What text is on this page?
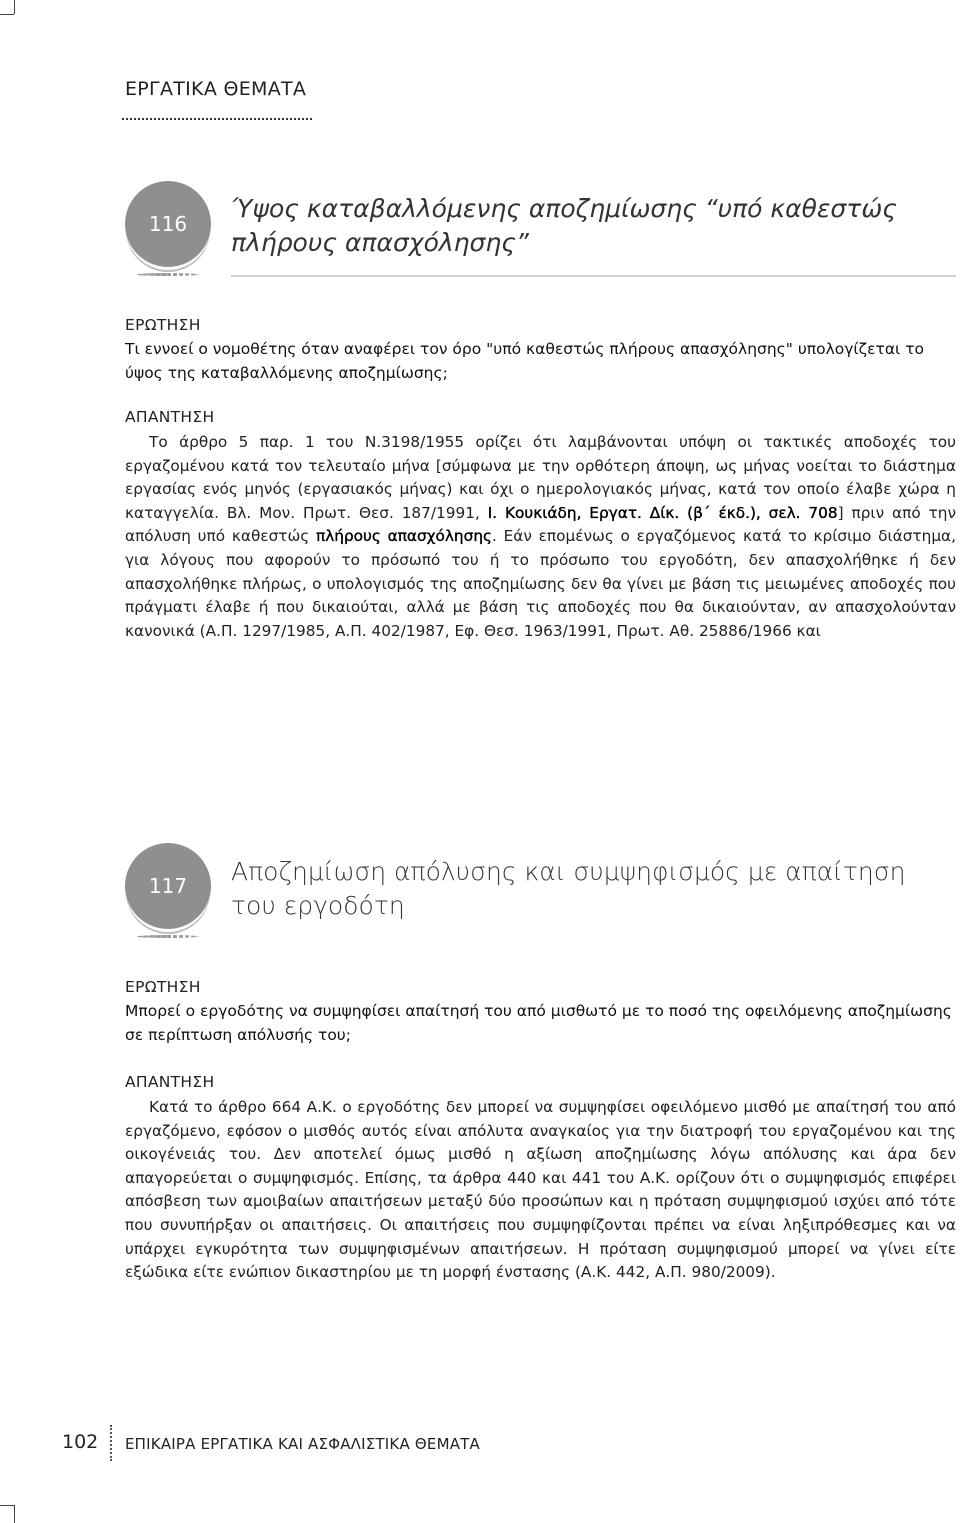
ΕΡΓΑΤΙΚΑ ΘΕΜΑΤΑ
116
Ύψος καταβαλλόμενης αποζημίωσης “υπό καθεστώς πλήρους απασχόλησης”
ΕΡΩΤΗΣΗ
Τι εννοεί ο νομοθέτης όταν αναφέρει τον όρο "υπό καθεστώς πλήρους απασχόλησης" υπολογίζεται το ύψος της καταβαλλόμενης αποζημίωσης;
ΑΠΑΝΤΗΣΗ

Το άρθρο 5 παρ. 1 του Ν.3198/1955 ορίζει ότι λαμβάνονται υπόψη οι τακτικές αποδοχές του εργαζομένου κατά τον τελευταίο μήνα [σύμφωνα με την ορθότερη άποψη, ως μήνας νοείται το διάστημα εργασίας ενός μηνός (εργασιακός μήνας) και όχι ο ημερολογιακός μήνας, κατά τον οποίο έλαβε χώρα η καταγγελία. Βλ. Μον. Πρωτ. Θεσ. 187/1991, Ι. Κουκιάδη, Εργατ. Δίκ. (β΄ έκδ.), σελ. 708] πριν από την απόλυση υπό καθεστώς πλήρους απασχόλησης. Εάν επομένως ο εργαζόμενος κατά το κρίσιμο διάστημα, για λόγους που αφορούν το πρόσωπό του ή το πρόσωπο του εργοδότη, δεν απασχολήθηκε ή δεν απασχολήθηκε πλήρως, ο υπολογισμός της αποζημίωσης δεν θα γίνει με βάση τις μειωμένες αποδοχές που πράγματι έλαβε ή που δικαιούται, αλλά με βάση τις αποδοχές που θα δικαιούνταν, αν απασχολούνταν κανονικά (Α.Π. 1297/1985, Α.Π. 402/1987, Εφ. Θεσ. 1963/1991, Πρωτ. Αθ. 25886/1966 και

117	Αποζημίωση απόλυσης και συμψηφισμός με απαίτηση του εργοδότη
ΕΡΩΤΗΣΗ
Μπορεί ο εργοδότης να συμψηφίσει απαίτησή του από μισθωτό με το ποσό της οφειλόμενης αποζημίωσης σε περίπτωση απόλυσής του;
ΑΠΑΝΤΗΣΗ

Κατά το άρθρο 664 Α.Κ. ο εργοδότης δεν μπορεί να συμψηφίσει οφειλόμενο μισθό με απαίτησή του από εργαζόμενο, εφόσον ο μισθός αυτός είναι απόλυτα αναγκαίος για την διατροφή του εργαζομένου και της οικογένειάς του. Δεν αποτελεί όμως μισθό η αξίωση αποζημίωσης λόγω απόλυσης και άρα δεν απαγορεύεται ο συμψηφισμός. Επίσης, τα άρθρα 440 και 441 του Α.Κ. ορίζουν ότι ο συμψηφισμός επιφέρει απόσβεση των αμοιβαίων απαιτήσεων μεταξύ δύο προσώπων και η πρόταση συμψηφισμού ισχύει από τότε που συνυπήρξαν οι απαιτήσεις. Οι απαιτήσεις που συμψηφίζονται πρέπει να είναι ληξιπρόθεσμες και να υπάρχει εγκυρότητα των συμψηφισμένων απαιτήσεων. Η πρόταση συμψηφισμού μπορεί να γίνει είτε εξώδικα είτε ενώπιον δικαστηρίου με τη μορφή ένστασης (Α.Κ. 442, Α.Π. 980/2009).

102 ΕΠΙΚΑΙΡΑ ΕΡΓΑΤΙΚΑ ΚΑΙ ΑΣΦΑΛΙΣΤΙΚΑ ΘΕΜΑΤΑ
